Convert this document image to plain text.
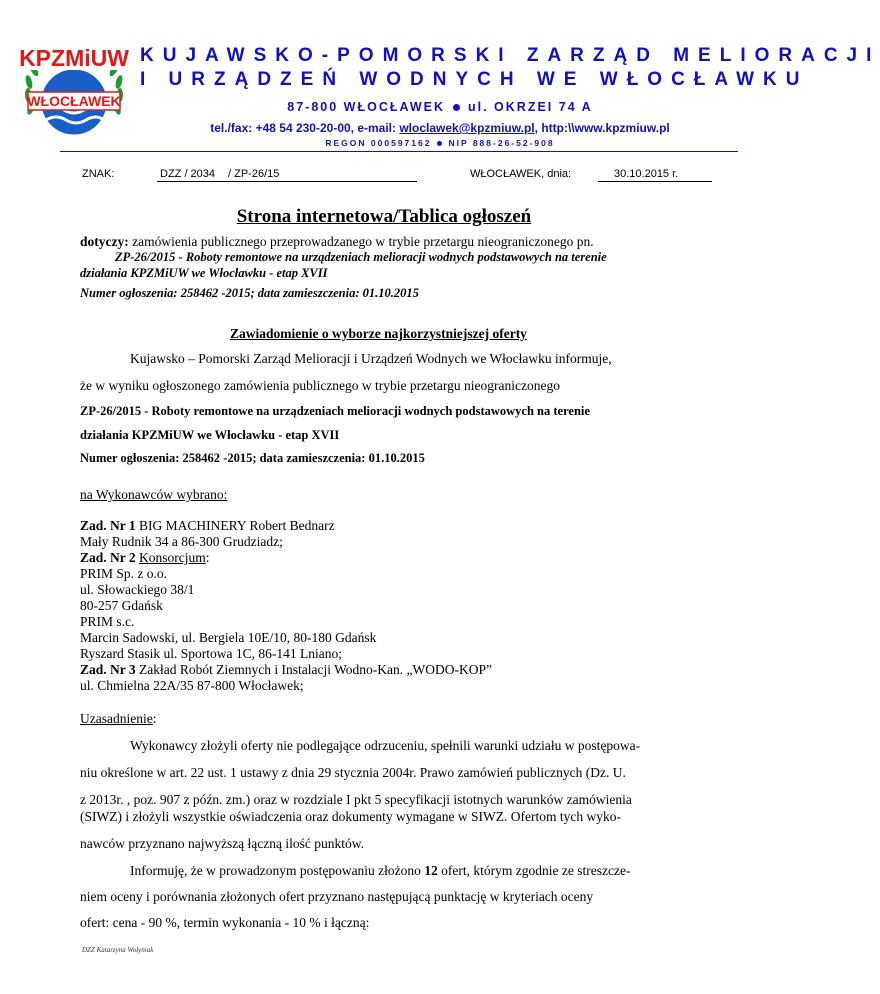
KPZMiUW
WŁOCŁAWEK
KUJAWSKO-POMORSKI ZARZĄD MELIORACJI
I URZĄDZEŃ WODNYCH WE WŁOCŁAWKU
87-800 WŁOCŁAWEK ul. OKRZEI 74 A
tel./fax: +48 54 230-20-00, e-mail: wloclawek@kpzmiuw.pl, http:\\www.kpzmiuw.pl
REGON 000597162 NIP 888-26-52-908
ZNAK:	DZZ / 2034 / ZP-26/15	WŁOCŁAWEK, dnia:	30.10.2015 r.
Strona internetowa/Tablica ogłoszeń
dotyczy: zamówienia publicznego przeprowadzanego w trybie przetargu nieograniczonego pn.
ZP-26/2015 - Roboty remontowe na urządzeniach melioracji wodnych podstawowych na terenie
działania KPZMiUW we Włocławku - etap XVII
Numer ogłoszenia: 258462 -2015; data zamieszczenia: 01.10.2015
Zawiadomienie o wyborze najkorzystniejszej oferty
Kujawsko – Pomorski Zarząd Melioracji i Urządzeń Wodnych we Włocławku informuje,
że w wyniku ogłoszonego zamówienia publicznego w trybie przetargu nieograniczonego
ZP-26/2015 - Roboty remontowe na urządzeniach melioracji wodnych podstawowych na terenie
działania KPZMiUW we Włocławku - etap XVII
Numer ogłoszenia: 258462 -2015; data zamieszczenia: 01.10.2015
na Wykonawców wybrano:
Zad. Nr 1 BIG MACHINERY Robert Bednarz
Mały Rudnik 34 a 86-300 Grudziadz;
Zad. Nr 2 Konsorcjum:
PRIM Sp. z o.o.
ul. Słowackiego 38/1
80-257 Gdańsk
PRIM s.c.
Marcin Sadowski, ul. Bergiela 10E/10, 80-180 Gdańsk
Ryszard Stasik ul. Sportowa 1C, 86-141 Lniano;
Zad. Nr 3 Zakład Robót Ziemnych i Instalacji Wodno-Kan. „WODO-KOP”
ul. Chmielna 22A/35 87-800 Włocławek;
Uzasadnienie:
Wykonawcy złożyli oferty nie podlegające odrzuceniu, spełnili warunki udziału w postępowa-
niu określone w art. 22 ust. 1 ustawy z dnia 29 stycznia 2004r. Prawo zamówień publicznych (Dz. U.
z 2013r. , poz. 907 z późn. zm.) oraz w rozdziale I pkt 5 specyfikacji istotnych warunków zamówienia
(SIWZ) i złożyli wszystkie oświadczenia oraz dokumenty wymagane w SIWZ. Ofertom tych wyko-
nawców przyznano najwyższą łączną ilość punktów.
Informuję, że w prowadzonym postępowaniu złożono 12 ofert, którym zgodnie ze streszcze-
niem oceny i porównania złożonych ofert przyznano następującą punktację w kryteriach oceny
ofert: cena - 90 %, termin wykonania - 10 % i łączną:
DZZ Katarzyna Wołyniak
